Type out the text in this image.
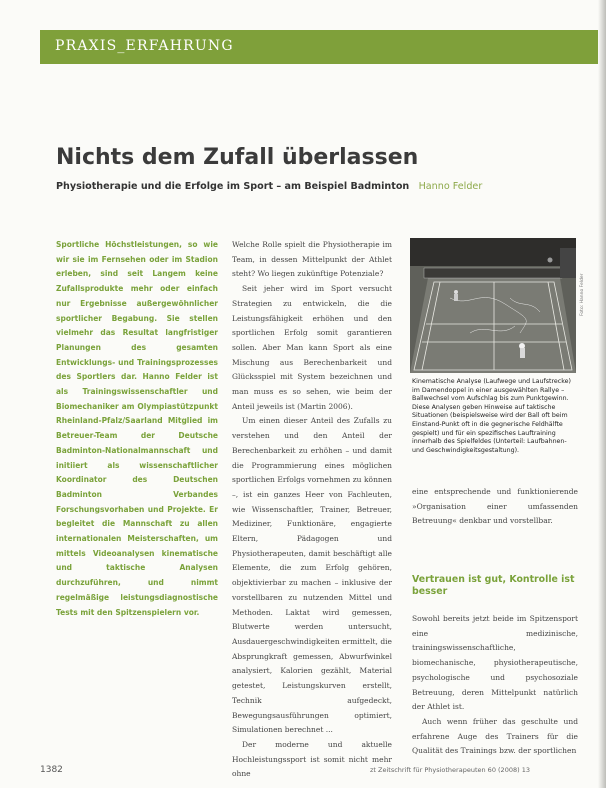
PRAXIS_ERFAHRUNG
Nichts dem Zufall überlassen
Physiotherapie und die Erfolge im Sport – am Beispiel Badminton Hanno Felder

Sportliche Höchstleistungen, so wie wir sie im Fernsehen oder im Stadion erleben, sind seit Langem keine Zufallsprodukte mehr oder einfach nur Ergebnisse außergewöhnlicher sportlicher Begabung. Sie stellen vielmehr das Resultat langfristiger Planungen des gesamten Entwicklungs- und Trainingsprozesses des Sportlers dar. Hanno Felder ist als Trainingswissenschaftler und Biomechaniker am Olympiastützpunkt Rheinland-Pfalz/Saarland Mitglied im Betreuer-Team der Deutsche Badminton-Nationalmannschaft und initiiert als wissenschaftlicher Koordinator des Deutschen Badminton Verbandes Forschungsvorhaben und Projekte. Er begleitet die Mannschaft zu allen internationalen Meisterschaften, um mittels Videoanalysen kinematische und taktische Analysen durchzuführen, und nimmt regelmäßige leistungsdiagnostische Tests mit den Spitzenspielern vor.

Welche Rolle spielt die Physiotherapie im Team, in dessen Mittelpunkt der Athlet steht? Wo liegen zukünftige Potenziale?

Seit jeher wird im Sport versucht Strategien zu entwickeln, die die Leistungsfähigkeit erhöhen und den sportlichen Erfolg somit garantieren sollen. Aber Man kann Sport als eine Mischung aus Berechenbarkeit und Glücksspiel mit System bezeichnen und man muss es so sehen, wie beim der Anteil jeweils ist (Martin 2006).

Um einen dieser Anteil des Zufalls zu verstehen und den Anteil der Berechenbarkeit zu erhöhen – und damit die Programmierung eines möglichen sportlichen Erfolgs vornehmen zu können –, ist ein ganzes Heer von Fachleuten, wie Wissenschaftler, Trainer, Betreuer, Mediziner, Funktionäre, engagierte Eltern, Pädagogen und Physiotherapeuten, damit beschäftigt alle Elemente, die zum Erfolg gehören, objektivierbar zu machen – inklusive der vorstellbaren zu nutzenden Mittel und Methoden. Laktat wird gemessen, Blutwerte werden untersucht, Ausdauergeschwindigkeiten ermittelt, die Absprungkraft gemessen, Abwurfwinkel analysiert, Kalorien gezählt, Material getestet, Leistungskurven erstellt, Technik aufgedeckt, Bewegungsausführungen optimiert, Simulationen berechnet ...

Der moderne und aktuelle Hochleistungssport ist somit nicht mehr ohne

Foto: Hanno Felder
Kinematische Analyse (Laufwege und Laufstrecke) im Damendoppel in einer ausgewählten Rallye – Ballwechsel vom Aufschlag bis zum Punktgewinn. Diese Analysen geben Hinweise auf taktische Situationen (beispielsweise wird der Ball oft beim Einstand-Punkt oft in die gegnerische Feldhälfte gespielt) und für ein spezifisches Lauftraining innerhalb des Spielfeldes (Unterteil: Laufbahnen- und Geschwindigkeitsgestaltung).

eine entsprechende und funktionierende »Organisation einer umfassenden Betreuung« denkbar und vorstellbar.

Vertrauen ist gut, Kontrolle ist besser

Sowohl bereits jetzt beide im Spitzensport eine medizinische, trainingswissenschaftliche, biomechanische, physiotherapeutische, psychologische und psychosoziale Betreuung, deren Mittelpunkt natürlich der Athlet ist.

Auch wenn früher das geschulte und erfahrene Auge des Trainers für die Qualität des Trainings bzw. der sportlichen

1382	zt Zeitschrift für Physiotherapeuten 60 (2008) 13
